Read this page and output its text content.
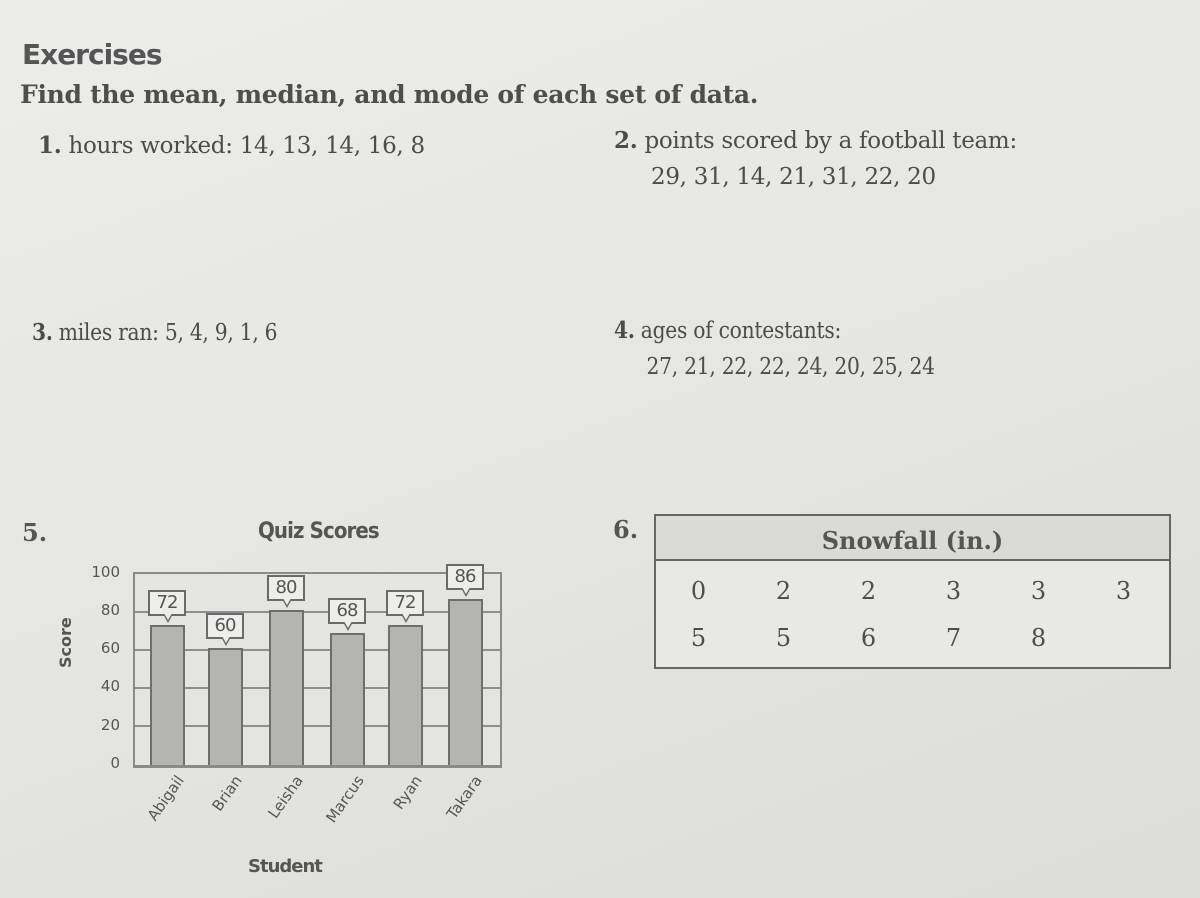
Exercises
Find the mean, median, and mode of each set of data.
1. hours worked: 14, 13, 14, 16, 8	2. points scored by a football team:
29, 31, 14, 21, 31, 22, 20
3. miles ran: 5, 4, 9, 1, 6	4. ages of contestants:
27, 21, 22, 22, 24, 20, 25, 24
5.	Quiz Scores
Score
0
20
40
60
80
100
72
60
80
68	72
86
Abigail	Brian	Leisha	Marcus	Ryan	Takara
Student
6.	Snowfall (in.)
0	2	2	3	3	3
5	5	6	7	8
